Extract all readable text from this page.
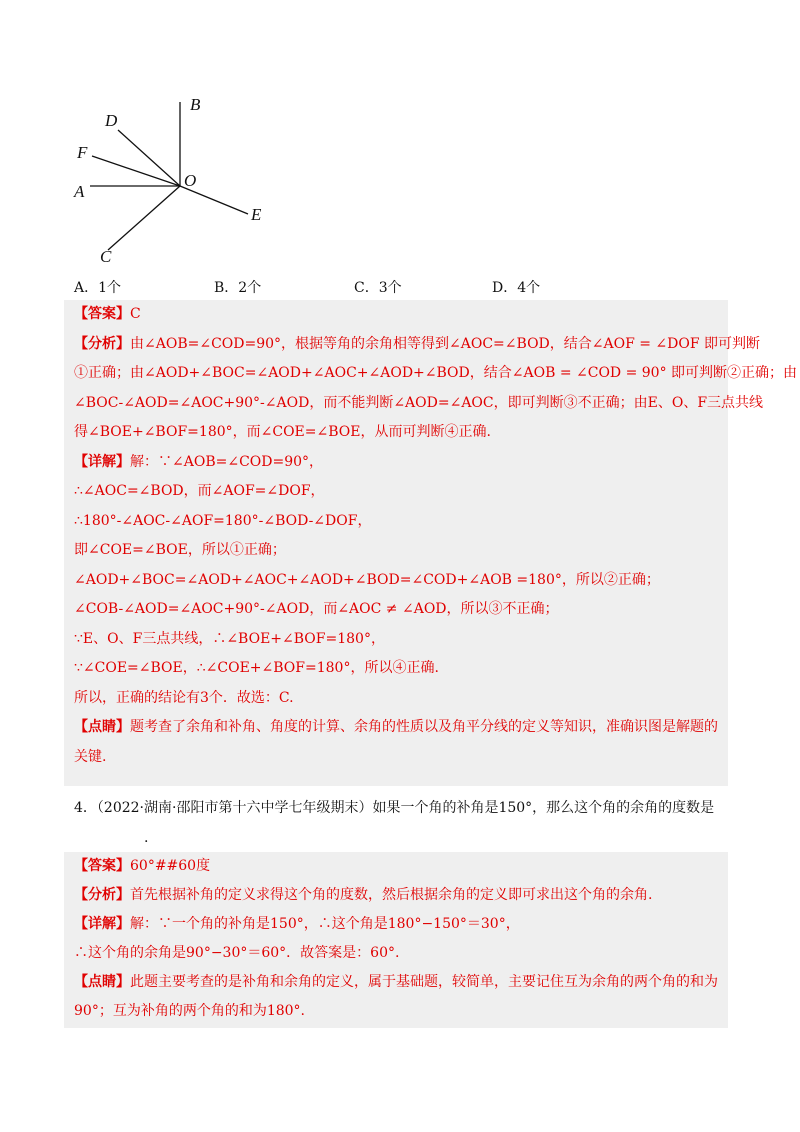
B
D
F
A
O
E
C
A．1个	B．2个	C．3个	D．4个
【答案】C
【分析】由∠AOB=∠COD=90°，根据等角的余角相等得到∠AOC=∠BOD，结合∠AOF = ∠DOF 即可判断
①正确；由∠AOD+∠BOC=∠AOD+∠AOC+∠AOD+∠BOD，结合∠AOB = ∠COD = 90° 即可判断②正确；由
∠BOC-∠AOD=∠AOC+90°-∠AOD，而不能判断∠AOD=∠AOC，即可判断③不正确；由E、O、F三点共线
得∠BOE+∠BOF=180°，而∠COE=∠BOE，从而可判断④正确.
【详解】解：∵∠AOB=∠COD=90°，
∴∠AOC=∠BOD，而∠AOF=∠DOF，
∴180°-∠AOC-∠AOF=180°-∠BOD-∠DOF，
即∠COE=∠BOE，所以①正确；
∠AOD+∠BOC=∠AOD+∠AOC+∠AOD+∠BOD=∠COD+∠AOB =180°，所以②正确；
∠COB-∠AOD=∠AOC+90°-∠AOD，而∠AOC ≠ ∠AOD，所以③不正确；
∵E、O、F三点共线，∴∠BOE+∠BOF=180°，
∵∠COE=∠BOE，∴∠COE+∠BOF=180°，所以④正确.
所以，正确的结论有3个．故选：C.
【点睛】题考查了余角和补角、角度的计算、余角的性质以及角平分线的定义等知识，准确识图是解题的
关键.
4．（2022·湖南·邵阳市第十六中学七年级期末）如果一个角的补角是150°，那么这个角的余角的度数是
.
【答案】60°##60度
【分析】首先根据补角的定义求得这个角的度数，然后根据余角的定义即可求出这个角的余角.
【详解】解：∵一个角的补角是150°，∴这个角是180°−150°＝30°，
∴这个角的余角是90°−30°＝60°．故答案是：60°.
【点睛】此题主要考查的是补角和余角的定义，属于基础题，较简单，主要记住互为余角的两个角的和为
90°；互为补角的两个角的和为180°.
